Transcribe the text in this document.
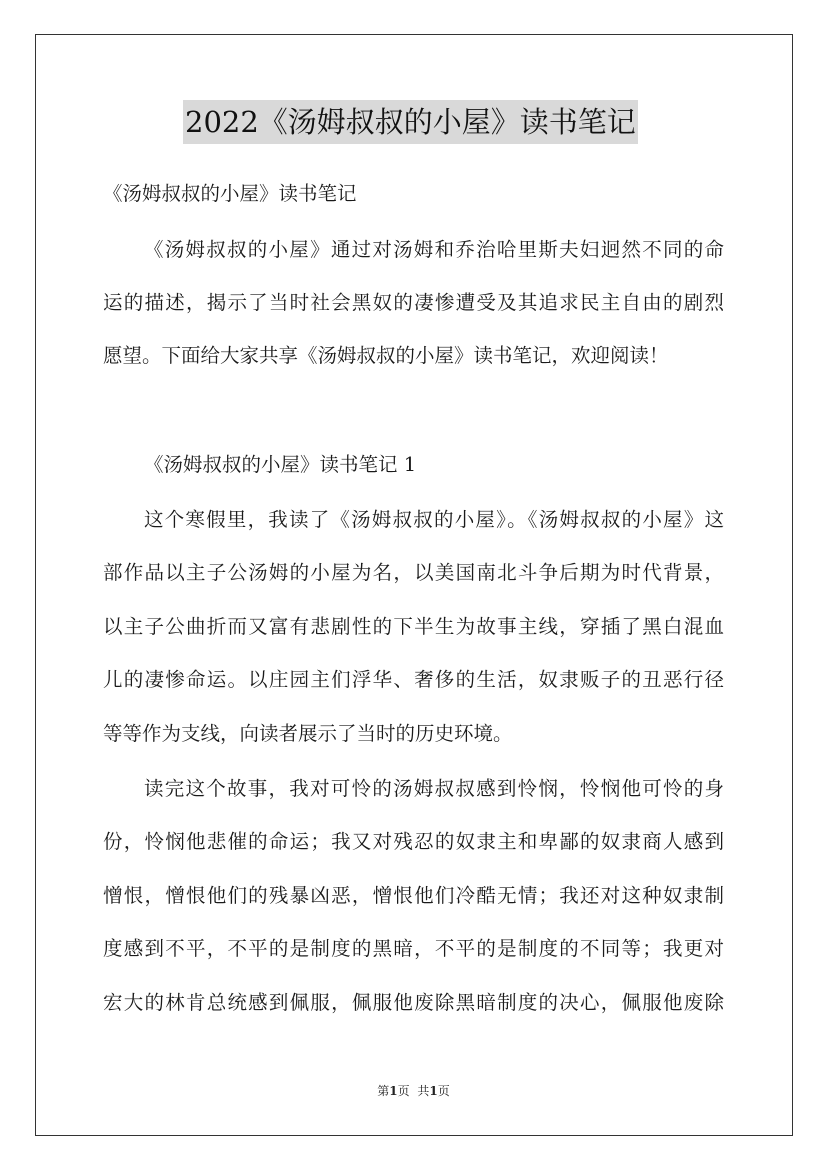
2022《汤姆叔叔的小屋》读书笔记
《汤姆叔叔的小屋》读书笔记
《汤姆叔叔的小屋》通过对汤姆和乔治哈里斯夫妇迥然不同的命
运的描述，揭示了当时社会黑奴的凄惨遭受及其追求民主自由的剧烈
愿望。下面给大家共享《汤姆叔叔的小屋》读书笔记，欢迎阅读！
《汤姆叔叔的小屋》读书笔记 1
这个寒假里，我读了《汤姆叔叔的小屋》。《汤姆叔叔的小屋》这
部作品以主子公汤姆的小屋为名，以美国南北斗争后期为时代背景，
以主子公曲折而又富有悲剧性的下半生为故事主线，穿插了黑白混血
儿的凄惨命运。以庄园主们浮华、奢侈的生活，奴隶贩子的丑恶行径
等等作为支线，向读者展示了当时的历史环境。
读完这个故事，我对可怜的汤姆叔叔感到怜悯，怜悯他可怜的身
份，怜悯他悲催的命运；我又对残忍的奴隶主和卑鄙的奴隶商人感到
憎恨，憎恨他们的残暴凶恶，憎恨他们冷酷无情；我还对这种奴隶制
度感到不平，不平的是制度的黑暗，不平的是制度的不同等；我更对
宏大的林肯总统感到佩服，佩服他废除黑暗制度的决心，佩服他废除
第1页 共1页
